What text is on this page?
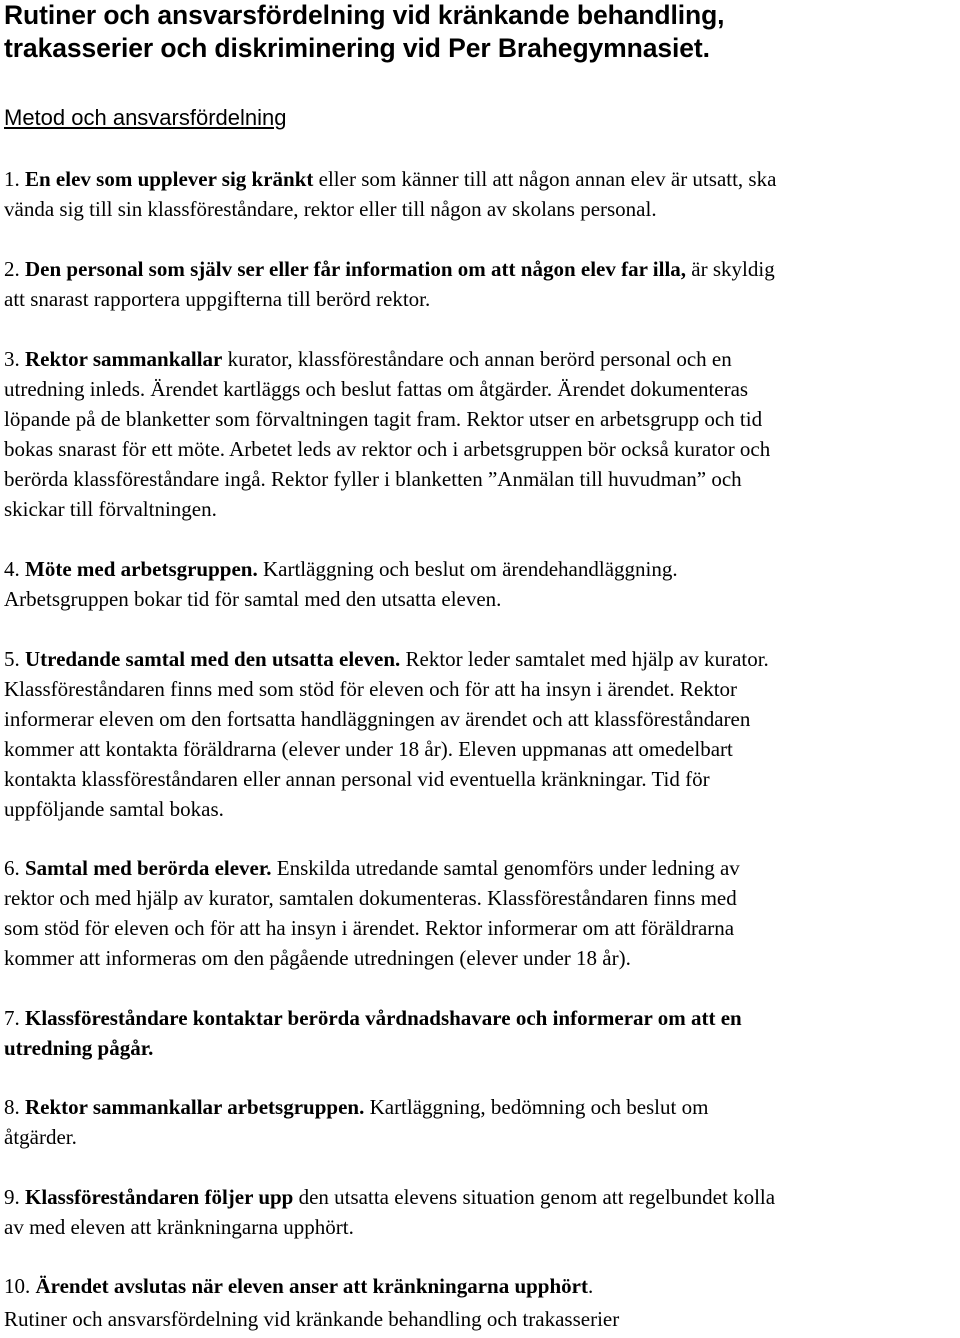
Rutiner och ansvarsfördelning vid kränkande behandling,
trakasserier och diskriminering vid Per Brahegymnasiet.
Metod och ansvarsfördelning

1. En elev som upplever sig kränkt eller som känner till att någon annan elev är utsatt, ska
vända sig till sin klassföreståndare, rektor eller till någon av skolans personal.

2. Den personal som själv ser eller får information om att någon elev far illa, är skyldig
att snarast rapportera uppgifterna till berörd rektor.

3. Rektor sammankallar kurator, klassföreståndare och annan berörd personal och en
utredning inleds. Ärendet kartläggs och beslut fattas om åtgärder. Ärendet dokumenteras
löpande på de blanketter som förvaltningen tagit fram. Rektor utser en arbetsgrupp och tid
bokas snarast för ett möte. Arbetet leds av rektor och i arbetsgruppen bör också kurator och
berörda klassföreståndare ingå. Rektor fyller i blanketten ”Anmälan till huvudman” och
skickar till förvaltningen.

4. Möte med arbetsgruppen. Kartläggning och beslut om ärendehandläggning.
Arbetsgruppen bokar tid för samtal med den utsatta eleven.

5. Utredande samtal med den utsatta eleven. Rektor leder samtalet med hjälp av kurator.
Klassföreståndaren finns med som stöd för eleven och för att ha insyn i ärendet. Rektor
informerar eleven om den fortsatta handläggningen av ärendet och att klassföreståndaren
kommer att kontakta föräldrarna (elever under 18 år). Eleven uppmanas att omedelbart
kontakta klassföreståndaren eller annan personal vid eventuella kränkningar. Tid för
uppföljande samtal bokas.

6. Samtal med berörda elever. Enskilda utredande samtal genomförs under ledning av
rektor och med hjälp av kurator, samtalen dokumenteras. Klassföreståndaren finns med
som stöd för eleven och för att ha insyn i ärendet. Rektor informerar om att föräldrarna
kommer att informeras om den pågående utredningen (elever under 18 år).

7. Klassföreståndare kontaktar berörda vårdnadshavare och informerar om att en
utredning pågår.

8. Rektor sammankallar arbetsgruppen. Kartläggning, bedömning och beslut om
åtgärder.

9. Klassföreståndaren följer upp den utsatta elevens situation genom att regelbundet kolla
av med eleven att kränkningarna upphört.

10. Ärendet avslutas när eleven anser att kränkningarna upphört.

Rutiner och ansvarsfördelning vid kränkande behandling och trakasserier
